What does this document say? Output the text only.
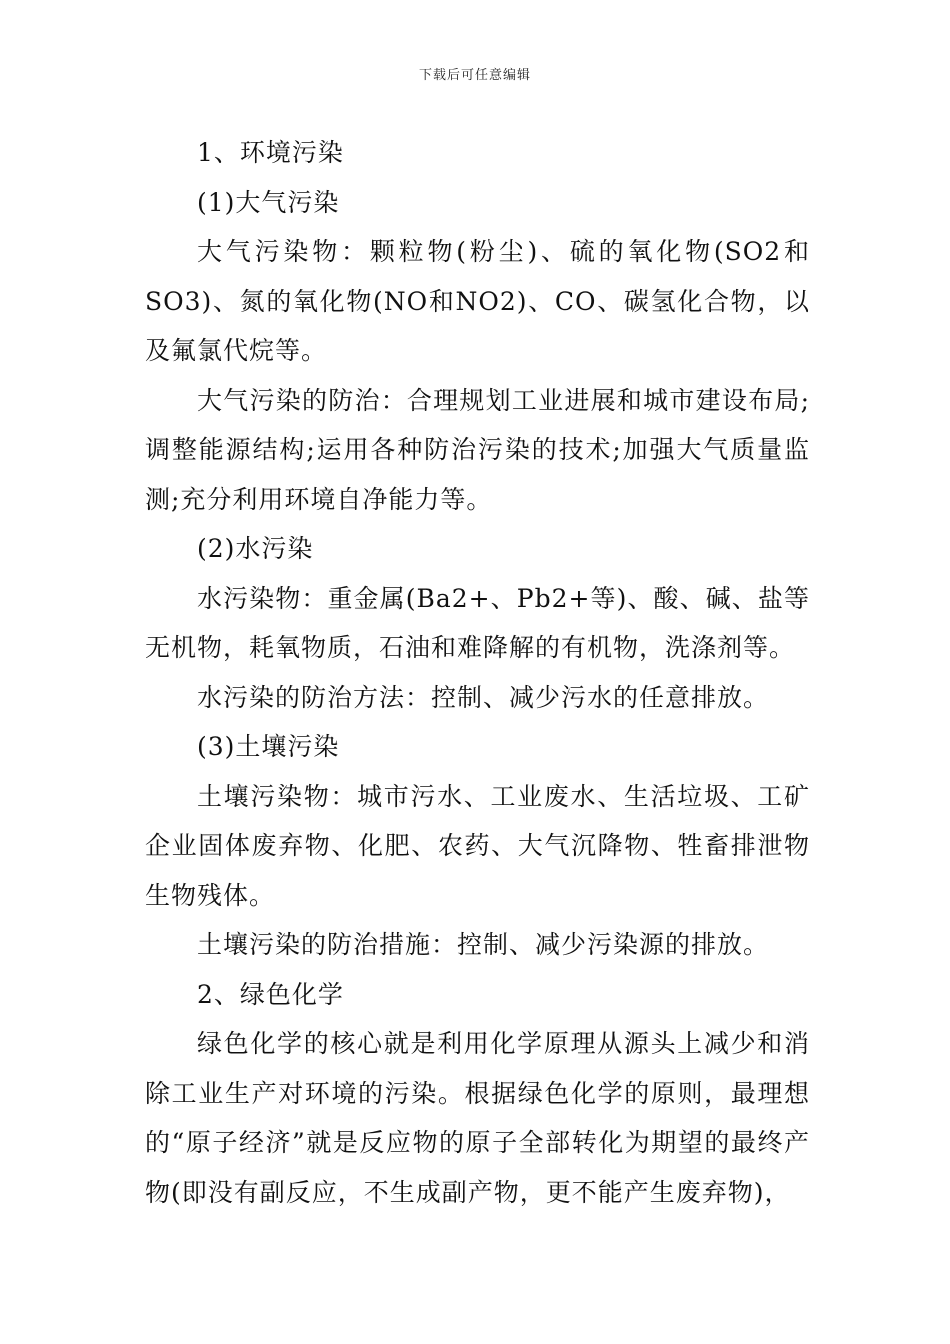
下载后可任意编辑

1、环境污染

(1)大气污染

大气污染物：颗粒物(粉尘)、硫的氧化物(SO2和SO3)、氮的氧化物(NO和NO2)、CO、碳氢化合物，以及氟氯代烷等。

大气污染的防治：合理规划工业进展和城市建设布局;调整能源结构;运用各种防治污染的技术;加强大气质量监测;充分利用环境自净能力等。

(2)水污染

水污染物：重金属(Ba2+、Pb2+等)、酸、碱、盐等无机物，耗氧物质，石油和难降解的有机物，洗涤剂等。

水污染的防治方法：控制、减少污水的任意排放。

(3)土壤污染

土壤污染物：城市污水、工业废水、生活垃圾、工矿企业固体废弃物、化肥、农药、大气沉降物、牲畜排泄物生物残体。

土壤污染的防治措施：控制、减少污染源的排放。

2、绿色化学

绿色化学的核心就是利用化学原理从源头上减少和消除工业生产对环境的污染。根据绿色化学的原则，最理想的“原子经济”就是反应物的原子全部转化为期望的最终产物(即没有副反应，不生成副产物，更不能产生废弃物)，
